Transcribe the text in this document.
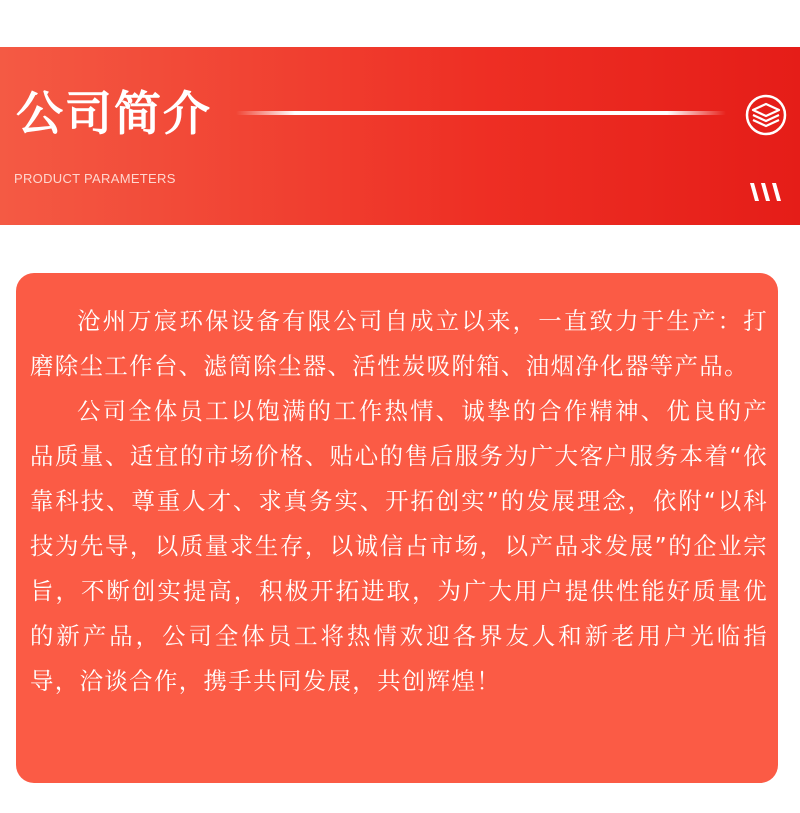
公司简介
PRODUCT PARAMETERS

沧州万宸环保设备有限公司自成立以来，一直致力于生产：打磨除尘工作台、滤筒除尘器、活性炭吸附箱、油烟净化器等产品。

公司全体员工以饱满的工作热情、诚挚的合作精神、优良的产品质量、适宜的市场价格、贴心的售后服务为广大客户服务本着“依靠科技、尊重人才、求真务实、开拓创实”的发展理念，依附“以科技为先导，以质量求生存，以诚信占市场，以产品求发展”的企业宗旨，不断创实提高，积极开拓进取，为广大用户提供性能好质量优的新产品，公司全体员工将热情欢迎各界友人和新老用户光临指导，洽谈合作，携手共同发展，共创辉煌！
